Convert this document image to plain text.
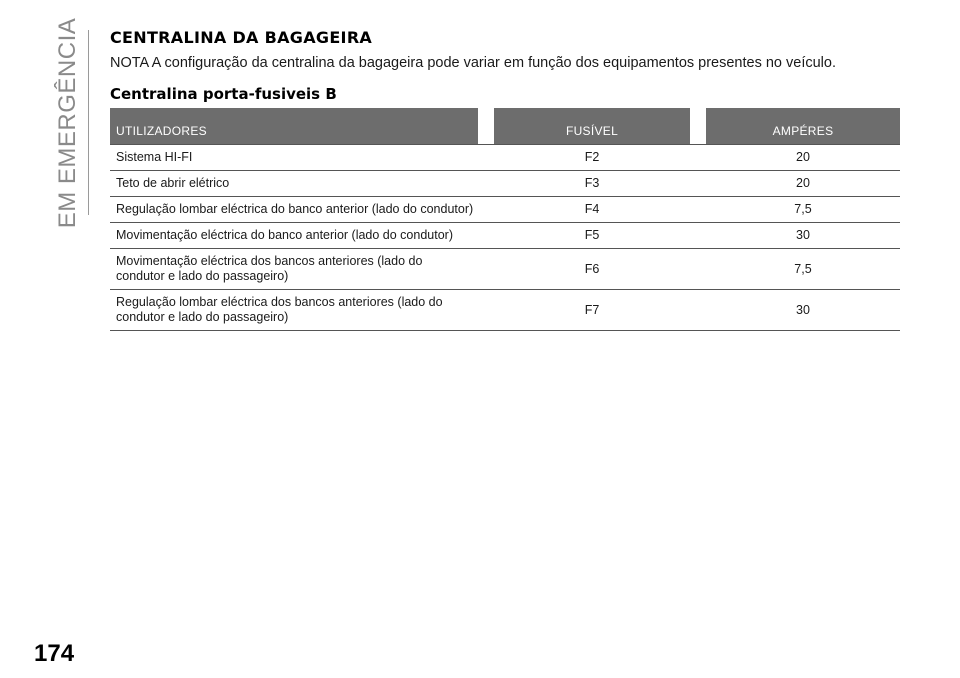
EM EMERGÊNCIA CENTRALINA DA BAGAGEIRA

NOTA A configuração da centralina da bagageira pode variar em função dos equipamentos presentes no veículo.

Centralina porta-fusiveis B
UTILIZADORES		FUSÍVEL		AMPÉRES
Sistema HI-FI	F2			20
Teto de abrir elétrico	F3			20
Regulação lombar eléctrica do banco anterior (lado do condutor)	F4			7,5
Movimentação eléctrica do banco anterior (lado do condutor)	F5			30
Movimentação eléctrica dos bancos anteriores (lado do condutor e lado do passageiro)	F6			7,5
Regulação lombar eléctrica dos bancos anteriores (lado do condutor e lado do passageiro)	F7			30
174
